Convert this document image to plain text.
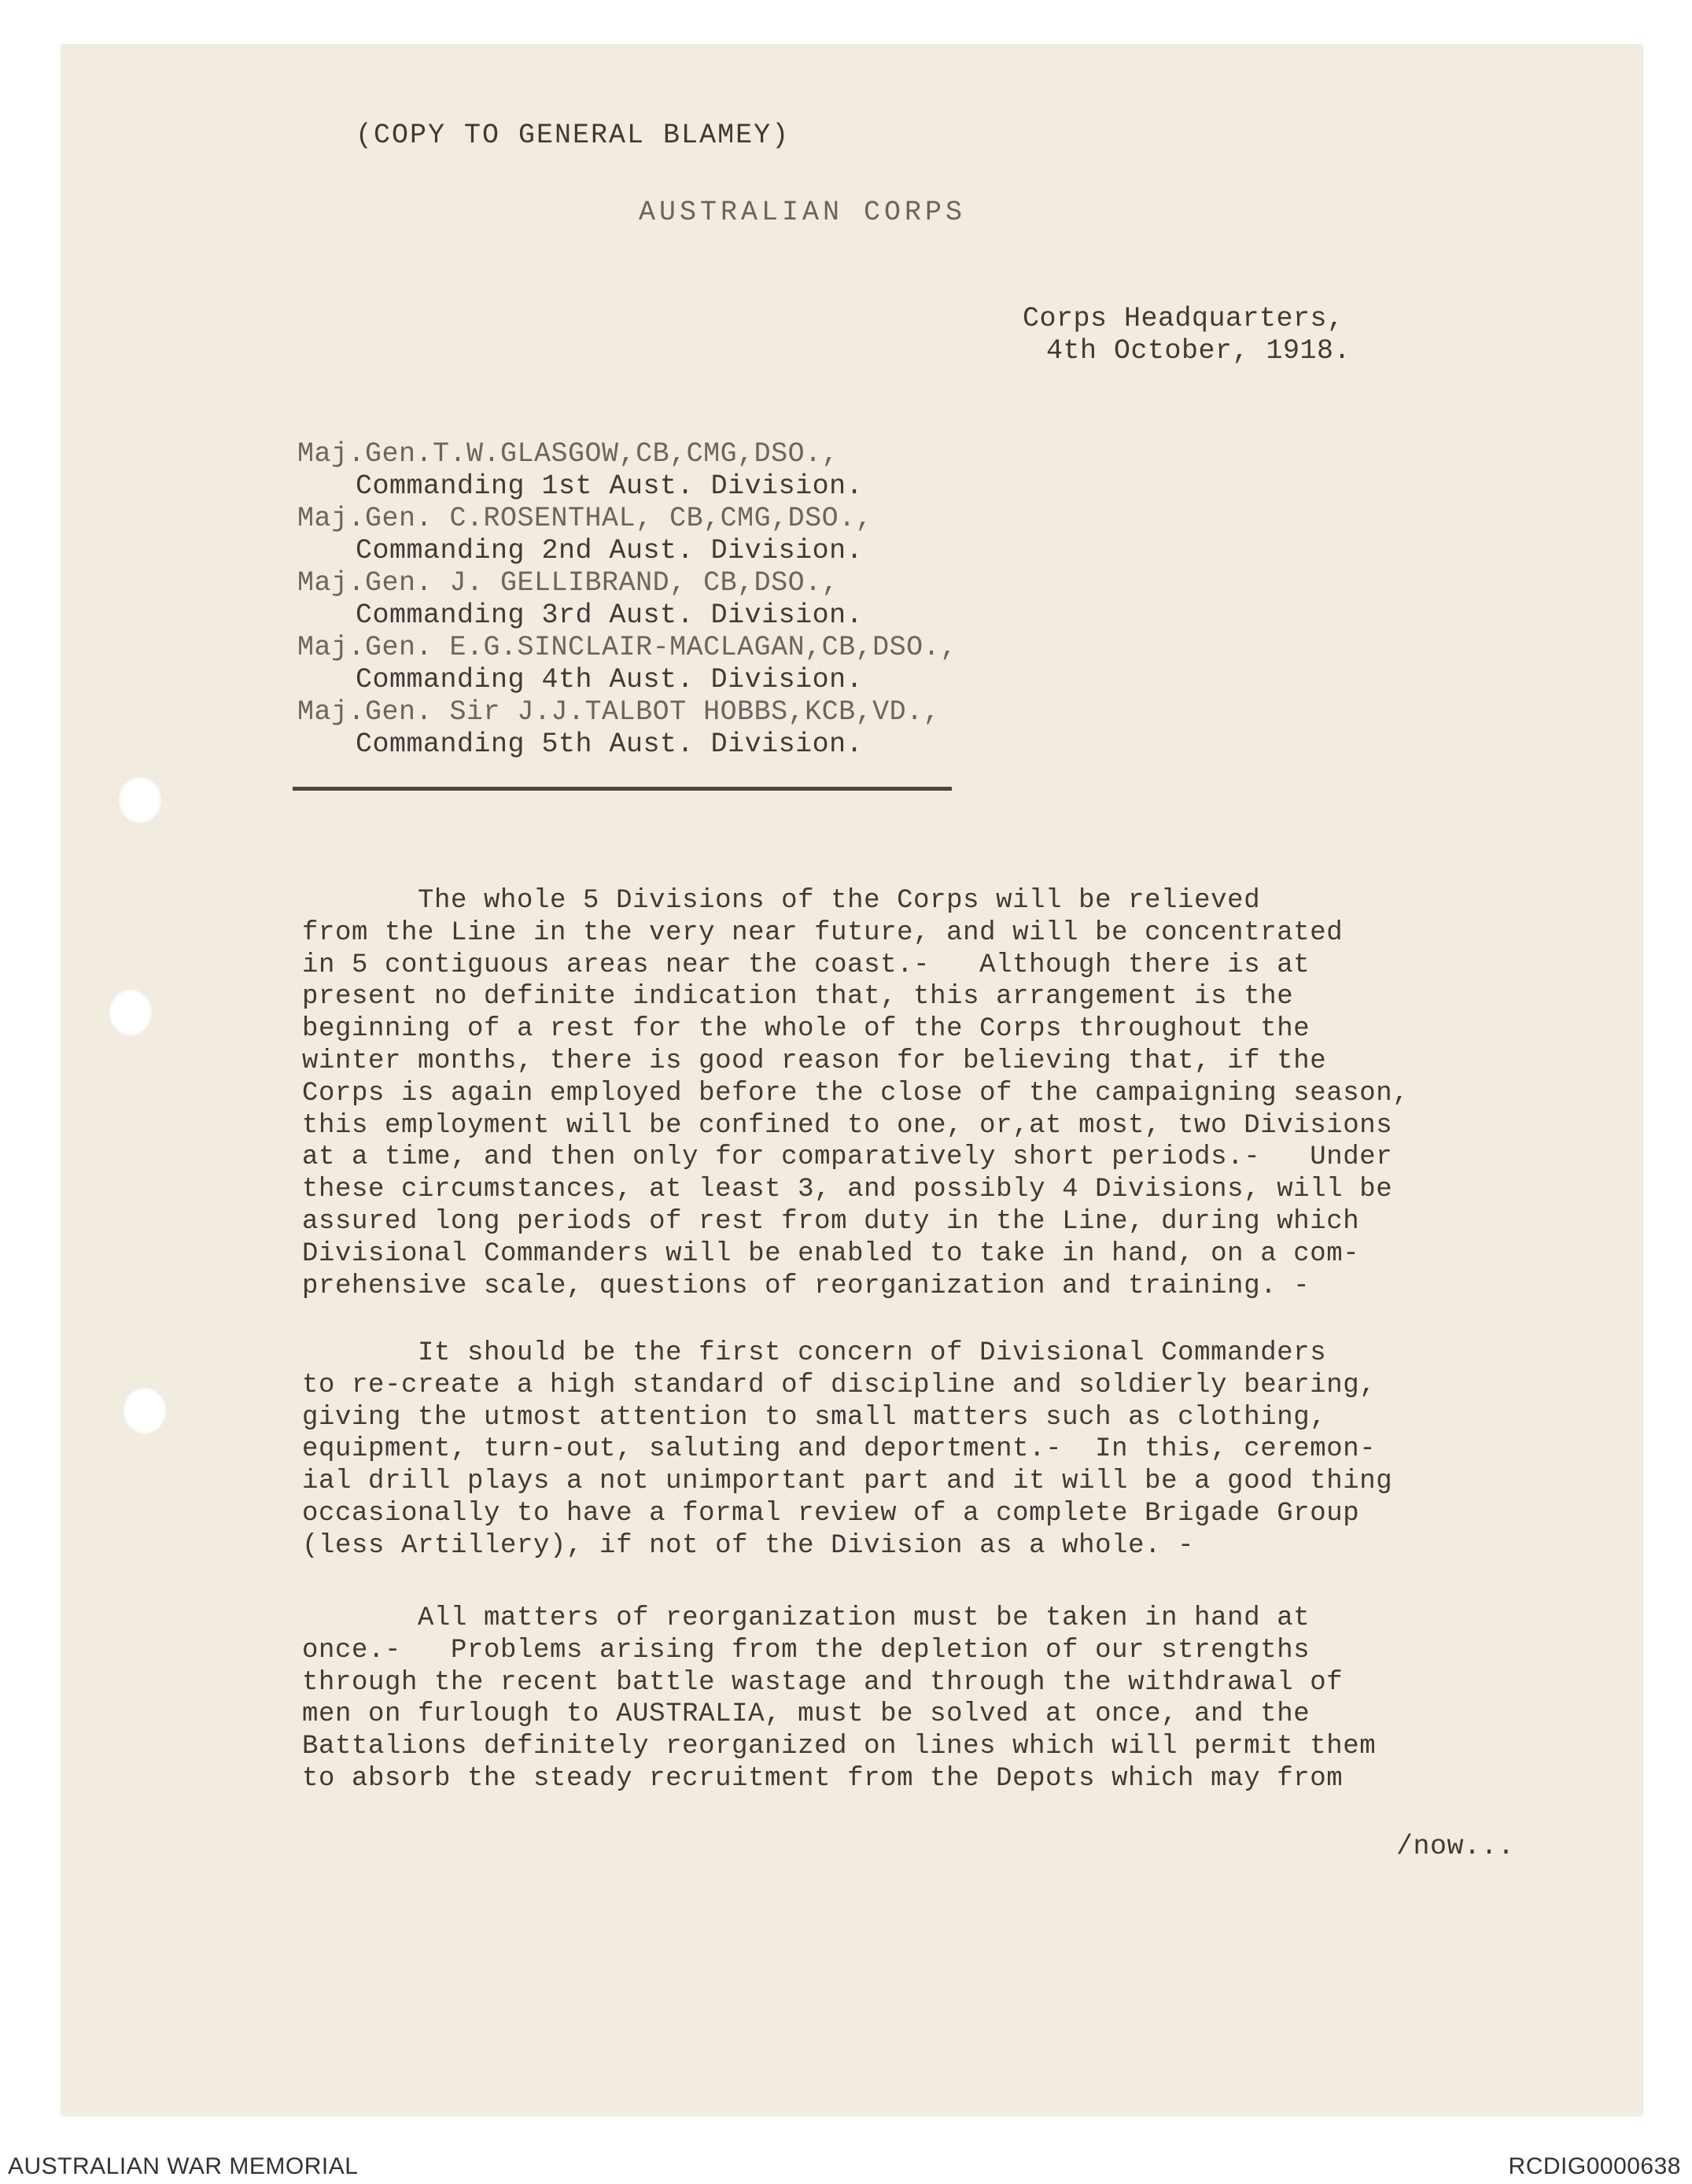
(COPY TO GENERAL BLAMEY)
AUSTRALIAN CORPS
Corps Headquarters,
4th October, 1918.
Maj.Gen.T.W.GLASGOW,CB,CMG,DSO.,
Commanding 1st Aust. Division.
Maj.Gen. C.ROSENTHAL, CB,CMG,DSO.,
Commanding 2nd Aust. Division.
Maj.Gen. J. GELLIBRAND, CB,DSO.,
Commanding 3rd Aust. Division.
Maj.Gen. E.G.SINCLAIR-MACLAGAN,CB,DSO.,
Commanding 4th Aust. Division.
Maj.Gen. Sir J.J.TALBOT HOBBS,KCB,VD.,
Commanding 5th Aust. Division.
The whole 5 Divisions of the Corps will be relieved
from the Line in the very near future, and will be concentrated
in 5 contiguous areas near the coast.-   Although there is at
present no definite indication that, this arrangement is the
beginning of a rest for the whole of the Corps throughout the
winter months, there is good reason for believing that, if the
Corps is again employed before the close of the campaigning season,
this employment will be confined to one, or,at most, two Divisions
at a time, and then only for comparatively short periods.-   Under
these circumstances, at least 3, and possibly 4 Divisions, will be
assured long periods of rest from duty in the Line, during which
Divisional Commanders will be enabled to take in hand, on a com-
prehensive scale, questions of reorganization and training. -
It should be the first concern of Divisional Commanders
to re-create a high standard of discipline and soldierly bearing,
giving the utmost attention to small matters such as clothing,
equipment, turn-out, saluting and deportment.-  In this, ceremon-
ial drill plays a not unimportant part and it will be a good thing
occasionally to have a formal review of a complete Brigade Group
(less Artillery), if not of the Division as a whole. -
All matters of reorganization must be taken in hand at
once.-   Problems arising from the depletion of our strengths
through the recent battle wastage and through the withdrawal of
men on furlough to AUSTRALIA, must be solved at once, and the
Battalions definitely reorganized on lines which will permit them
to absorb the steady recruitment from the Depots which may from
/now...
AUSTRALIAN WAR MEMORIAL	RCDIG0000638
